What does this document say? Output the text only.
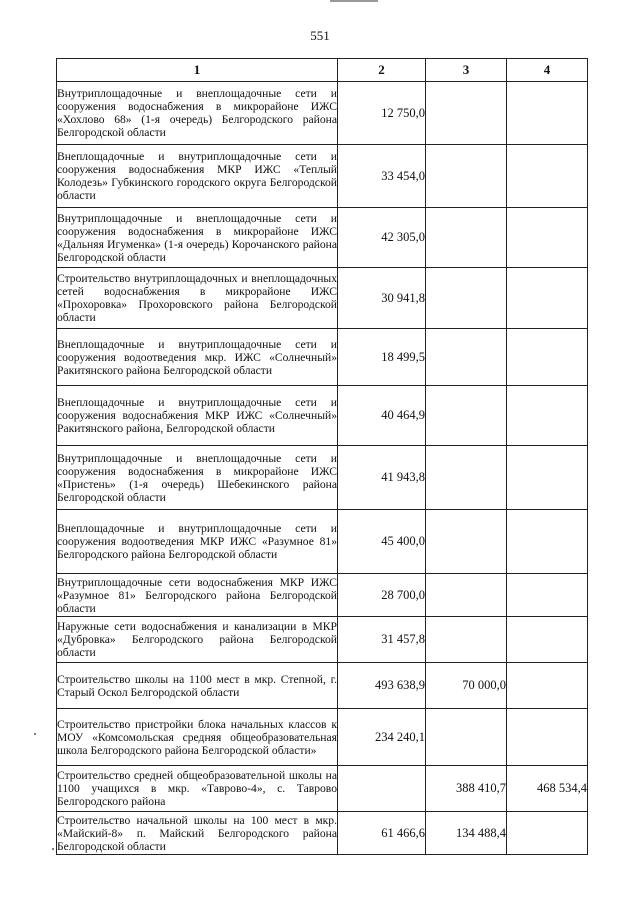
551
1	2	3	4
Внутриплощадочные и внеплощадочные сети и сооружения водоснабжения в микрорайоне ИЖС «Хохлово 68» (1-я очередь) Белгородского района Белгородской области	12 750,0		
Внеплощадочные и внутриплощадочные сети и сооружения водоснабжения МКР ИЖС «Теплый Колодезь» Губкинского городского округа Белгородской области	33 454,0		
Внутриплощадочные и внеплощадочные сети и сооружения водоснабжения в микрорайоне ИЖС «Дальняя Игуменка» (1-я очередь) Корочанского района Белгородской области	42 305,0		
Строительство внутриплощадочных и внеплощадочных сетей водоснабжения в микрорайоне ИЖС «Прохоровка» Прохоровского района Белгородской области	30 941,8		
Внеплощадочные и внутриплощадочные сети и сооружения водоотведения мкр. ИЖС «Солнечный» Ракитянского района Белгородской области	18 499,5		
Внеплощадочные и внутриплощадочные сети и сооружения водоснабжения МКР ИЖС «Солнечный» Ракитянского района, Белгородской области	40 464,9		
Внутриплощадочные и внеплощадочные сети и сооружения водоснабжения в микрорайоне ИЖС «Пристень» (1-я очередь) Шебекинского района Белгородской области	41 943,8		
Внеплощадочные и внутриплощадочные сети и сооружения водоотведения МКР ИЖС «Разумное 81» Белгородского района Белгородской области	45 400,0		
Внутриплощадочные сети водоснабжения МКР ИЖС «Разумное 81» Белгородского района Белгородской области	28 700,0		
Наружные сети водоснабжения и канализации в МКР «Дубровка» Белгородского района Белгородской области	31 457,8		
Строительство школы на 1100 мест в мкр. Степной, г. Старый Оскол Белгородской области	493 638,9	70 000,0	
Строительство пристройки блока начальных классов к МОУ «Комсомольская средняя общеобразовательная школа Белгородского района Белгородской области»	234 240,1		
Строительство средней общеобразовательной школы на 1100 учащихся в мкр. «Таврово-4», с. Таврово Белгородского района		388 410,7	468 534,4
Строительство начальной школы на 100 мест в мкр. «Майский-8» п. Майский Белгородского района Белгородской области	61 466,6	134 488,4	
